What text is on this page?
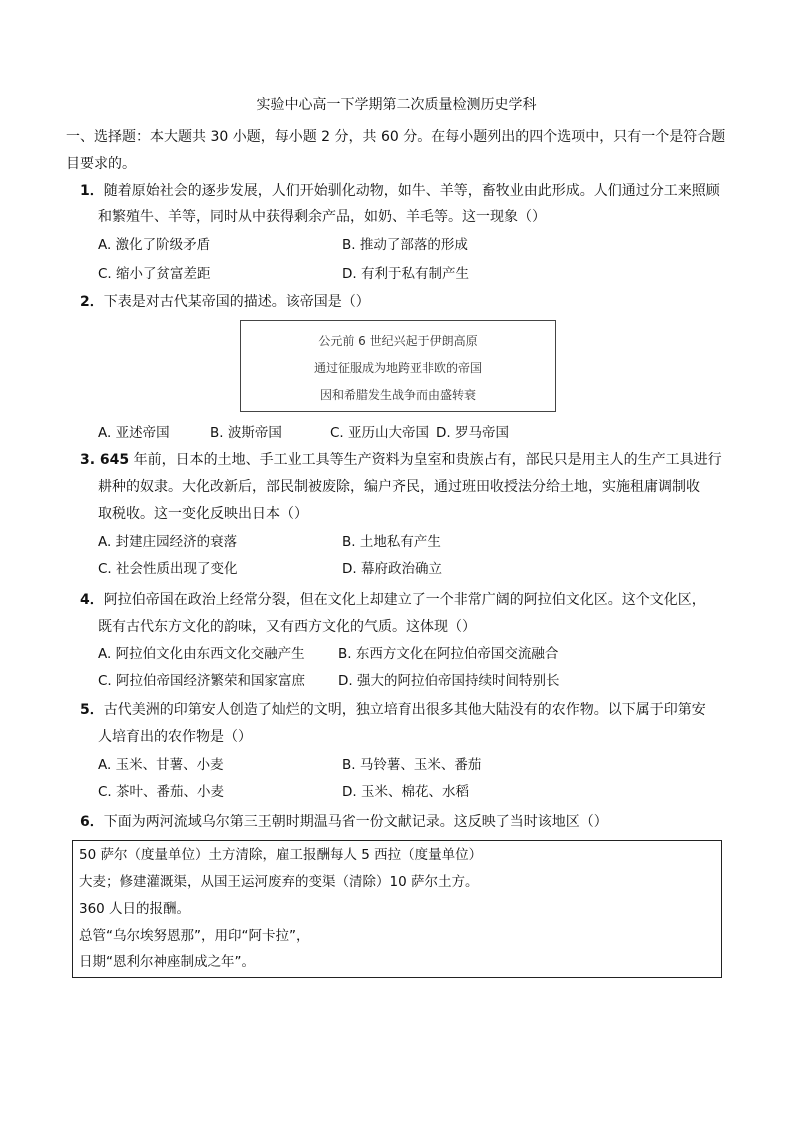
实验中心高一下学期第二次质量检测历史学科
一、选择题：本大题共 30 小题，每小题 2 分，共 60 分。在每小题列出的四个选项中，只有一个是符合题
目要求的。
1．随着原始社会的逐步发展，人们开始驯化动物，如牛、羊等，畜牧业由此形成。人们通过分工来照顾
和繁殖牛、羊等，同时从中获得剩余产品，如奶、羊毛等。这一现象（）
A. 激化了阶级矛盾	B. 推动了部落的形成
C. 缩小了贫富差距	D. 有利于私有制产生
2．下表是对古代某帝国的描述。该帝国是（）
公元前 6 世纪兴起于伊朗高原
通过征服成为地跨亚非欧的帝国
因和希腊发生战争而由盛转衰
A. 亚述帝国	B. 波斯帝国	C. 亚历山大帝国 D. 罗马帝国
3. 645 年前，日本的土地、手工业工具等生产资料为皇室和贵族占有，部民只是用主人的生产工具进行
耕种的奴隶。大化改新后，部民制被废除，编户齐民，通过班田收授法分给土地，实施租庸调制收
取税收。这一变化反映出日本（）
A. 封建庄园经济的衰落	B. 土地私有产生
C. 社会性质出现了变化	D. 幕府政治确立
4．阿拉伯帝国在政治上经常分裂，但在文化上却建立了一个非常广阔的阿拉伯文化区。这个文化区，
既有古代东方文化的韵味，又有西方文化的气质。这体现（）
A. 阿拉伯文化由东西文化交融产生 B. 东西方文化在阿拉伯帝国交流融合
C. 阿拉伯帝国经济繁荣和国家富庶 D. 强大的阿拉伯帝国持续时间特别长
5．古代美洲的印第安人创造了灿烂的文明，独立培育出很多其他大陆没有的农作物。以下属于印第安
人培育出的农作物是（）
A. 玉米、甘薯、小麦	B. 马铃薯、玉米、番茄
C. 茶叶、番茄、小麦	D. 玉米、棉花、水稻
6．下面为两河流域乌尔第三王朝时期温马省一份文献记录。这反映了当时该地区（）
50 萨尔（度量单位）土方清除，雇工报酬每人 5 西拉（度量单位）
大麦；修建灌溉渠，从国王运河废弃的变渠（清除）10 萨尔土方。
360 人日的报酬。
总管“乌尔埃努恩那”，用印“阿卡拉”，
日期“恩利尔神座制成之年”。
